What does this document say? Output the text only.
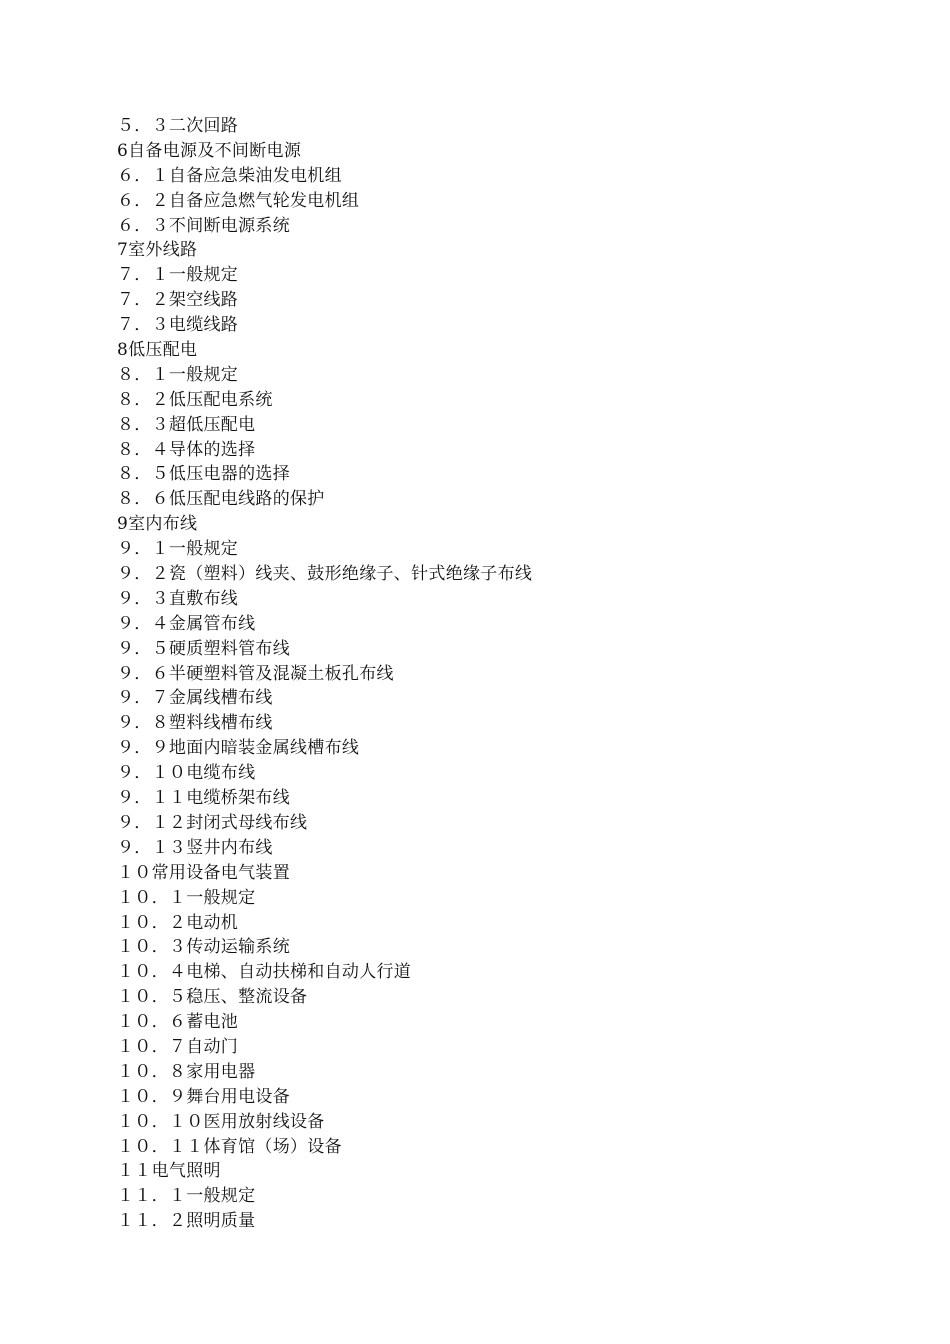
５．３二次回路
6自备电源及不间断电源
６．１自备应急柴油发电机组
６．２自备应急燃气轮发电机组
６．３不间断电源系统
7室外线路
７．１一般规定
７．２架空线路
７．３电缆线路
8低压配电
８．１一般规定
８．２低压配电系统
８．３超低压配电
８．４导体的选择
８．５低压电器的选择
８．６低压配电线路的保护
9室内布线
９．１一般规定
９．２瓷（塑料）线夹、鼓形绝缘子、针式绝缘子布线
９．３直敷布线
９．４金属管布线
９．５硬质塑料管布线
９．６半硬塑料管及混凝土板孔布线
９．７金属线槽布线
９．８塑料线槽布线
９．９地面内暗装金属线槽布线
９．１０电缆布线
９．１１电缆桥架布线
９．１２封闭式母线布线
９．１３竖井内布线
１０常用设备电气装置
１０．１一般规定
１０．２电动机
１０．３传动运输系统
１０．４电梯、自动扶梯和自动人行道
１０．５稳压、整流设备
１０．６蓄电池
１０．７自动门
１０．８家用电器
１０．９舞台用电设备
１０．１０医用放射线设备
１０．１１体育馆（场）设备
１１电气照明
１１．１一般规定
１１．２照明质量
